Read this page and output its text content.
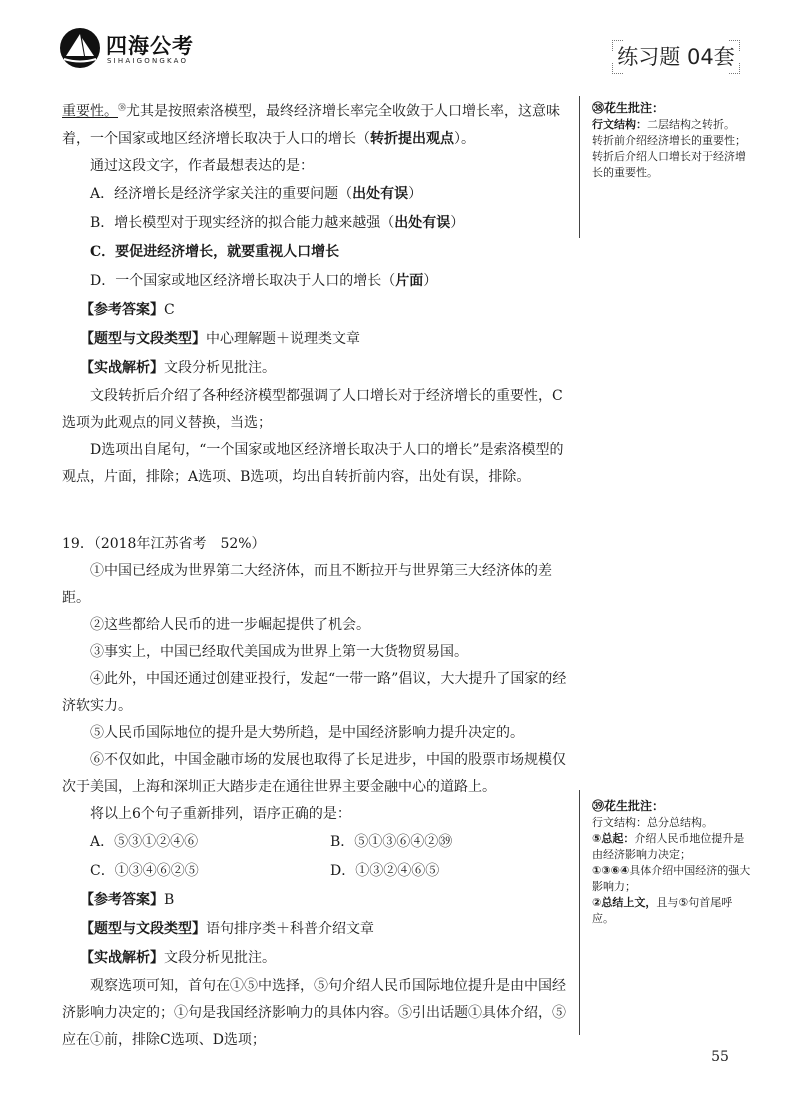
四海公考
SIHAIGONGKAO	练习题 04套

重要性。$^㊳$尤其是按照索洛模型，最终经济增长率完全收敛于人口增长率，这意味着，一个国家或地区经济增长取决于人口的增长（转折提出观点）。

通过这段文字，作者最想表达的是：

A．经济增长是经济学家关注的重要问题（出处有误）
B．增长模型对于现实经济的拟合能力越来越强（出处有误）
C．要促进经济增长，就要重视人口增长
D．一个国家或地区经济增长取决于人口的增长（片面）
【参考答案】C
【题型与文段类型】中心理解题＋说理类文章
【实战解析】文段分析见批注。

文段转折后介绍了各种经济模型都强调了人口增长对于经济增长的重要性，C选项为此观点的同义替换，当选；

D选项出自尾句，“一个国家或地区经济增长取决于人口的增长”是索洛模型的观点，片面，排除；A选项、B选项，均出自转折前内容，出处有误，排除。

19．（2018年江苏省考　52%）

①中国已经成为世界第二大经济体，而且不断拉开与世界第三大经济体的差距。

②这些都给人民币的进一步崛起提供了机会。

③事实上，中国已经取代美国成为世界上第一大货物贸易国。

④此外，中国还通过创建亚投行，发起“一带一路”倡议，大大提升了国家的经济软实力。

⑤人民币国际地位的提升是大势所趋，是中国经济影响力提升决定的。

⑥不仅如此，中国金融市场的发展也取得了长足进步，中国的股票市场规模仅次于美国，上海和深圳正大踏步走在通往世界主要金融中心的道路上。

将以上6个句子重新排列，语序正确的是：

A．⑤③①②④⑥	B．⑤①③⑥④②㊴
C．①③④⑥②⑤	D．①③②④⑥⑤
【参考答案】B
【题型与文段类型】语句排序类＋科普介绍文章
【实战解析】文段分析见批注。

观察选项可知，首句在①⑤中选择，⑤句介绍人民币国际地位提升是由中国经济影响力决定的；①句是我国经济影响力的具体内容。⑤引出话题①具体介绍，⑤应在①前，排除C选项、D选项；

㊳花生批注：

行文结构：二层结构之转折。

转折前介绍经济增长的重要性；

转折后介绍人口增长对于经济增长的重要性。

㊴花生批注：

行文结构：总分总结构。

⑤总起：介绍人民币地位提升是由经济影响力决定；

①③⑥④具体介绍中国经济的强大影响力；

②总结上文，且与⑤句首尾呼应。

55
